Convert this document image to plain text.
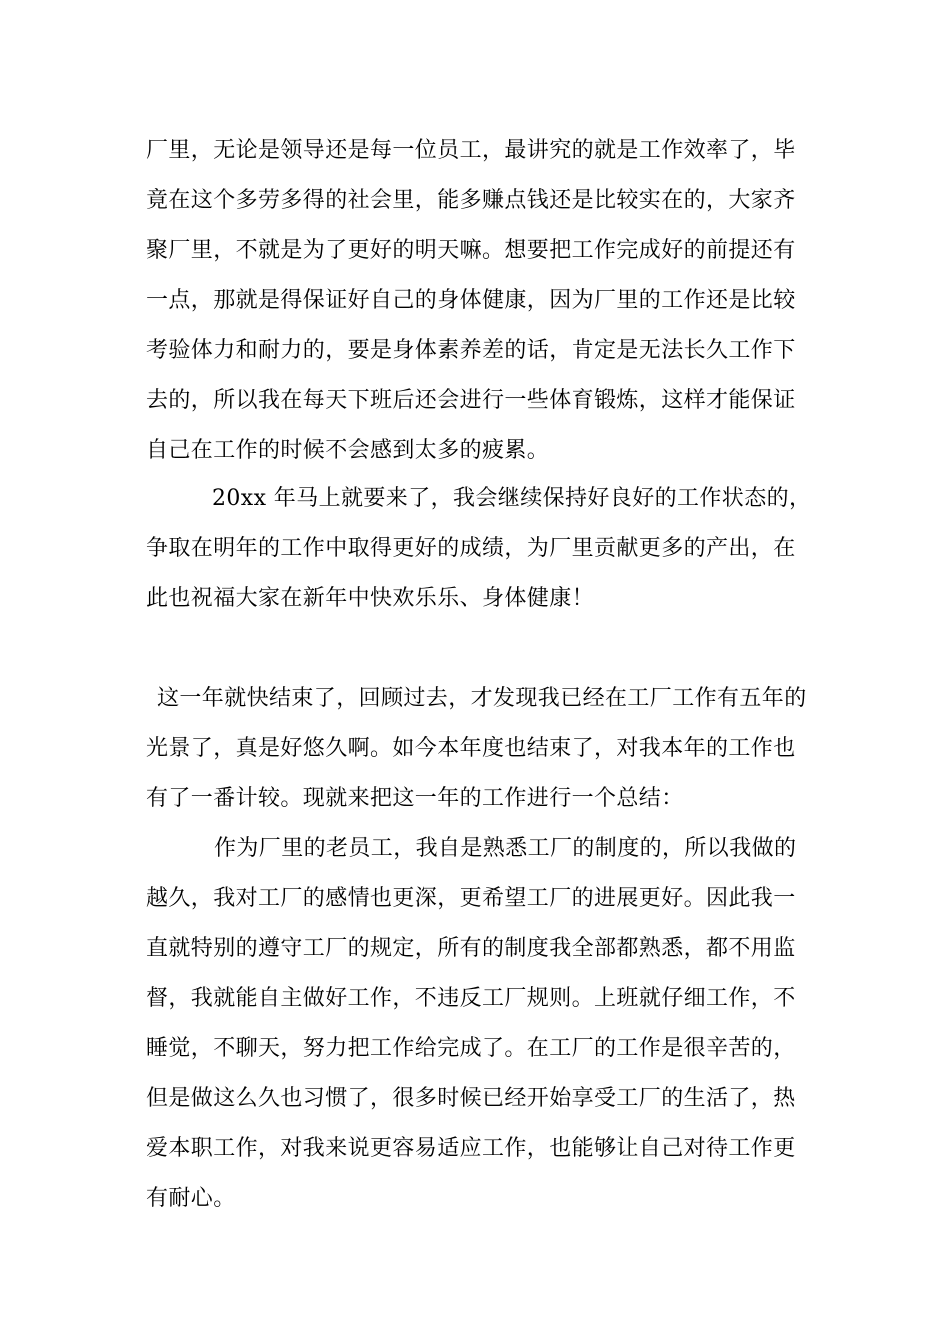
厂里，无论是领导还是每一位员工，最讲究的就是工作效率了，毕
竟在这个多劳多得的社会里，能多赚点钱还是比较实在的，大家齐
聚厂里，不就是为了更好的明天嘛。想要把工作完成好的前提还有
一点，那就是得保证好自己的身体健康，因为厂里的工作还是比较
考验体力和耐力的，要是身体素养差的话，肯定是无法长久工作下
去的，所以我在每天下班后还会进行一些体育锻炼，这样才能保证
自己在工作的时候不会感到太多的疲累。
20xx 年马上就要来了，我会继续保持好良好的工作状态的，
争取在明年的工作中取得更好的成绩，为厂里贡献更多的产出，在
此也祝福大家在新年中快欢乐乐、身体健康！
这一年就快结束了，回顾过去，才发现我已经在工厂工作有五年的
光景了，真是好悠久啊。如今本年度也结束了，对我本年的工作也
有了一番计较。现就来把这一年的工作进行一个总结：
作为厂里的老员工，我自是熟悉工厂的制度的，所以我做的
越久，我对工厂的感情也更深，更希望工厂的进展更好。因此我一
直就特别的遵守工厂的规定，所有的制度我全部都熟悉，都不用监
督，我就能自主做好工作，不违反工厂规则。上班就仔细工作，不
睡觉，不聊天，努力把工作给完成了。在工厂的工作是很辛苦的，
但是做这么久也习惯了，很多时候已经开始享受工厂的生活了，热
爱本职工作，对我来说更容易适应工作，也能够让自己对待工作更
有耐心。
